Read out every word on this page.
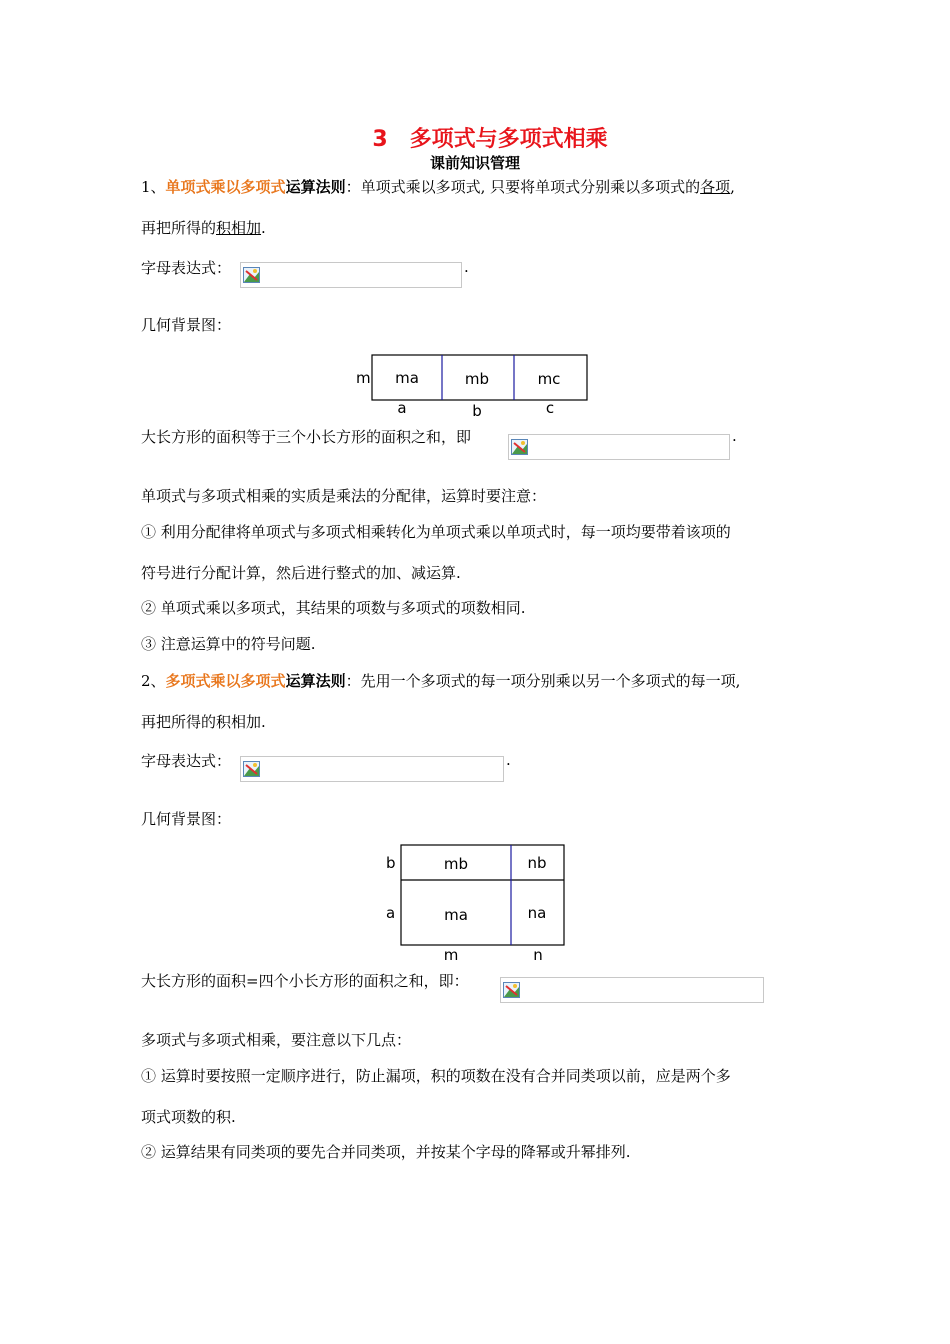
3 多项式与多项式相乘
课前知识管理
1、单项式乘以多项式运算法则：单项式乘以多项式, 只要将单项式分别乘以多项式的各项,
再把所得的积相加.
字母表达式：	.
几何背景图：
m ma	mb	mc
a	b	c
大长方形的面积等于三个小长方形的面积之和，即	.
单项式与多项式相乘的实质是乘法的分配律，运算时要注意：
① 利用分配律将单项式与多项式相乘转化为单项式乘以单项式时，每一项均要带着该项的
符号进行分配计算，然后进行整式的加、减运算.
② 单项式乘以多项式，其结果的项数与多项式的项数相同.
③ 注意运算中的符号问题.
2、多项式乘以多项式运算法则：先用一个多项式的每一项分别乘以另一个多项式的每一项,
再把所得的积相加.
字母表达式：	.
几何背景图：
b
a
mb	nb
ma	na
m	n
大长方形的面积=四个小长方形的面积之和，即：
多项式与多项式相乘，要注意以下几点：
① 运算时要按照一定顺序进行，防止漏项，积的项数在没有合并同类项以前，应是两个多
项式项数的积.
② 运算结果有同类项的要先合并同类项，并按某个字母的降幂或升幂排列.
